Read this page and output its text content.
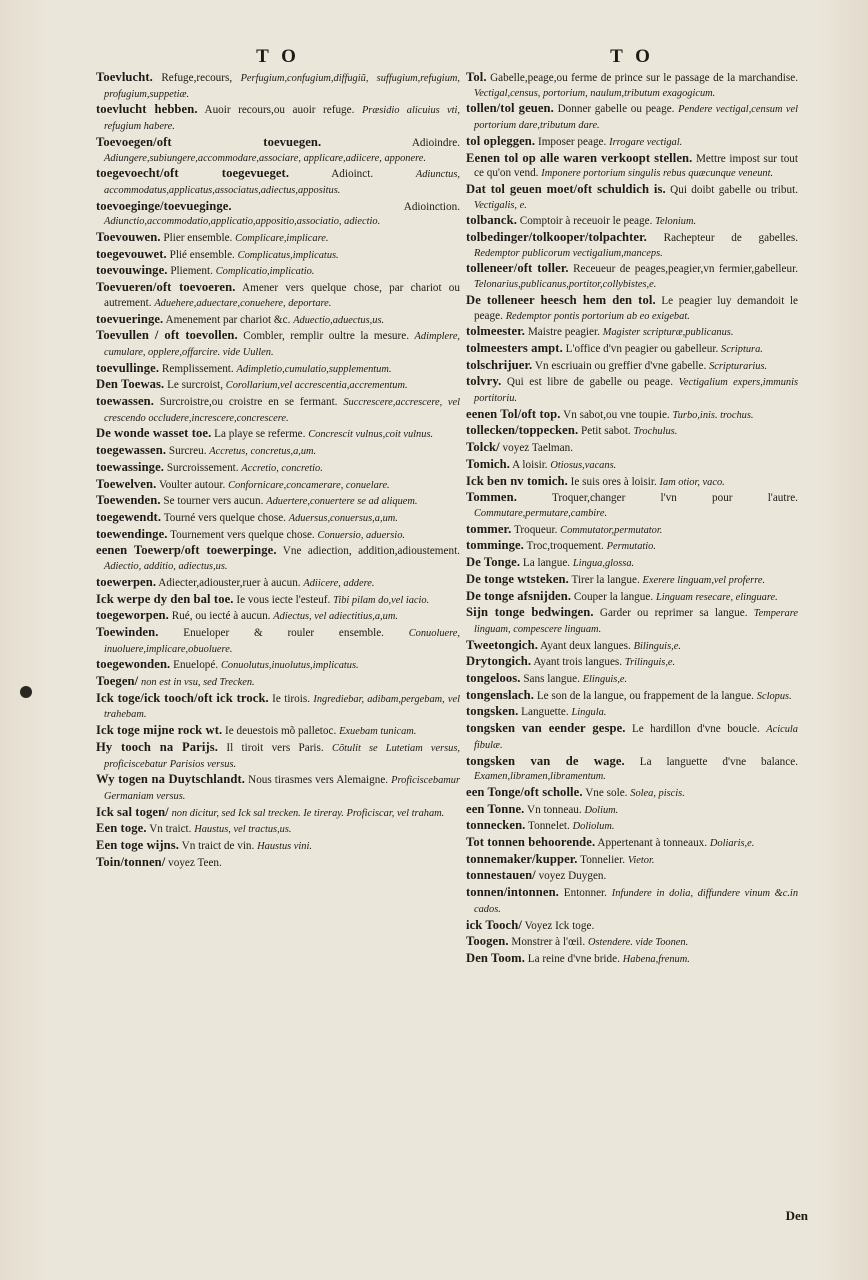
T O

Toevlucht. Refuge,recours, Perfugium,confugium,diffugiũ, suffugium,refugium, profugium,suppetiæ.

toevlucht hebben. Auoir recours,ou auoir refuge. Præsidio alicuius vti, refugium habere.

Toevoegen/oft toevuegen.	Adioindre. Adiungere,subiungere,accommodare,associare, applicare,adiicere, apponere.

toegevoecht/oft toegevueget.	Adioinct.	Adiunctus, accommodatus,applicatus,associatus,adiectus,appositus.

toevoeginge/toevueginge.	Adioinction. Adiunctio,accommodatio,applicatio,appositio,associatio, adiectio.

Toevouwen. Plier ensemble. Complicare,implicare.

toegevouwet. Plié ensemble. Complicatus,implicatus.

toevouwinge. Pliement. Complicatio,implicatio.

Toevueren/oft toevoeren. Amener vers quelque chose, par chariot ou autrement. Aduehere,aduectare,conuehere, deportare.

toevueringe. Amenement par chariot &c. Aduectio,aduectus,us.

Toevullen / oft toevollen. Combler, remplir oultre la mesure. Adimplere, cumulare, opplere,offarcire. vide Uullen.

toevullinge. Remplissement. Adimpletio,cumulatio,supplementum.

Den Toewas. Le surcroist, Corollarium,vel accrescentia,accrementum.

toewassen. Surcroistre,ou croistre en se fermant. Succrescere,accrescere, vel crescendo occludere,increscere,concrescere.

De wonde wasset toe. La playe se referme. Concrescit vulnus,coit vulnus.

toegewassen. Surcreu. Accretus, concretus,a,um.

toewassinge. Surcroissement. Accretio, concretio.

Toewelven. Voulter autour. Confornicare,concamerare, conuelare.

Toewenden. Se tourner vers aucun. Aduertere,conuertere se ad aliquem.

toegewendt. Tourné vers quelque chose. Aduersus,conuersus,a,um.

toewendinge. Tournement vers quelque chose. Conuersio, aduersio.

eenen Toewerp/oft toewerpinge. Vne adiection, addition,adioustement. Adiectio, additio, adiectus,us.

toewerpen. Adiecter,adiouster,ruer à aucun. Adiicere, addere.

Ick werpe dy den bal toe. Ie vous iecte l'esteuf. Tibi pilam do,vel iacio.

toegeworpen. Rué, ou iecté à aucun. Adiectus, vel adiectitius,a,um.

Toewinden. Enueloper & rouler ensemble. Conuoluere, inuoluere,implicare,obuoluere.

toegewonden. Enuelopé. Conuolutus,inuolutus,implicatus.

Toegen/ non est in vsu, sed Trecken.

Ick toge/ick tooch/oft ick trock. Ie tirois. Ingrediebar, adibam,pergebam, vel trahebam.

Ick toge mijne rock wt. Ie deuestois mõ palletoc. Exuebam tunicam.

Hy tooch na Parijs. Il tiroit vers Paris. Cõtulit se Lutetiam versus, proficiscebatur Parisios versus.

Wy togen na Duytschlandt. Nous tirasmes vers Alemaigne. Proficiscebamur Germaniam versus.

Ick sal togen/ non dicitur, sed Ick sal trecken. Ie tireray. Proficiscar, vel traham.

Een toge. Vn traict. Haustus, vel tractus,us.

Een toge wijns. Vn traict de vin. Haustus vini.

Toin/tonnen/ voyez Teen.

T O

Tol. Gabelle,peage,ou ferme de prince sur le passage de la marchandise. Vectigal,census, portorium, naulum,tributum exagogicum.

tollen/tol geuen. Donner gabelle ou peage. Pendere vectigal,censum vel portorium dare,tributum dare.

tol opleggen. Imposer peage. Irrogare vectigal.

Eenen tol op alle waren verkoopt stellen. Mettre impost sur tout ce qu'on vend. Imponere portorium singulis rebus quæcunque veneunt.

Dat tol geuen moet/oft schuldich is. Qui doibt gabelle ou tribut. Vectigalis, e.

tolbanck. Comptoir à receuoir le peage. Telonium.

tolbedinger/tolkooper/tolpachter. Rachepteur de gabelles. Redemptor publicorum vectigalium,manceps.

tolleneer/oft toller. Receueur de peages,peagier,vn fermier,gabelleur. Telonarius,publicanus,portitor,collybistes,e.

De tolleneer heesch hem den tol. Le peagier luy demandoit le peage. Redemptor pontis portorium ab eo exigebat.

tolmeester. Maistre peagier. Magister scripturæ,publicanus.

tolmeesters ampt. L'office d'vn peagier ou gabelleur. Scriptura.

tolschrijuer. Vn escriuain ou greffier d'vne gabelle. Scripturarius.

tolvry. Qui est libre de gabelle ou peage. Vectigalium expers,immunis portitoriu.

eenen Tol/oft top. Vn sabot,ou vne toupie. Turbo,inis. trochus.

tollecken/toppecken. Petit sabot. Trochulus.

Tolck/ voyez Taelman.

Tomich. A loisir. Otiosus,vacans.

Ick ben nv tomich. Ie suis ores à loisir. Iam otior, vaco.

Tommen.	Troquer,changer l'vn pour l'autre. Commutare,permutare,cambire.

tommer. Troqueur. Commutator,permutator.

tomminge. Troc,troquement. Permutatio.

De Tonge. La langue. Lingua,glossa.

De tonge wtsteken. Tirer la langue. Exerere linguam,vel proferre.

De tonge afsnijden. Couper la langue. Linguam resecare, elinguare.

Sijn tonge bedwingen. Garder ou reprimer sa langue. Temperare linguam, compescere linguam.

Tweetongich. Ayant deux langues. Bilinguis,e.

Drytongich. Ayant trois langues. Trilinguis,e.

tongeloos. Sans langue. Elinguis,e.

tongenslach. Le son de la langue, ou frappement de la langue. Sclopus.

tongsken. Languette. Lingula.

tongsken van eender gespe. Le hardillon d'vne boucle. Acicula fibulæ.

tongsken van de wage. La languette d'vne balance. Examen,libramen,libramentum.

een Tonge/oft scholle. Vne sole. Solea, piscis.

een Tonne. Vn tonneau. Dolium.

tonnecken. Tonnelet. Doliolum.

Tot tonnen behoorende. Appertenant à tonneaux. Doliaris,e.

tonnemaker/kupper. Tonnelier. Vietor.

tonnestauen/ voyez Duygen.

tonnen/intonnen. Entonner. Infundere in dolia, diffundere vinum &c.in cados.

ick Tooch/ Voyez Ick toge.

Toogen. Monstrer à l'œil. Ostendere. vide Toonen.

Den Toom. La reine d'vne bride. Habena,frenum.

Den
